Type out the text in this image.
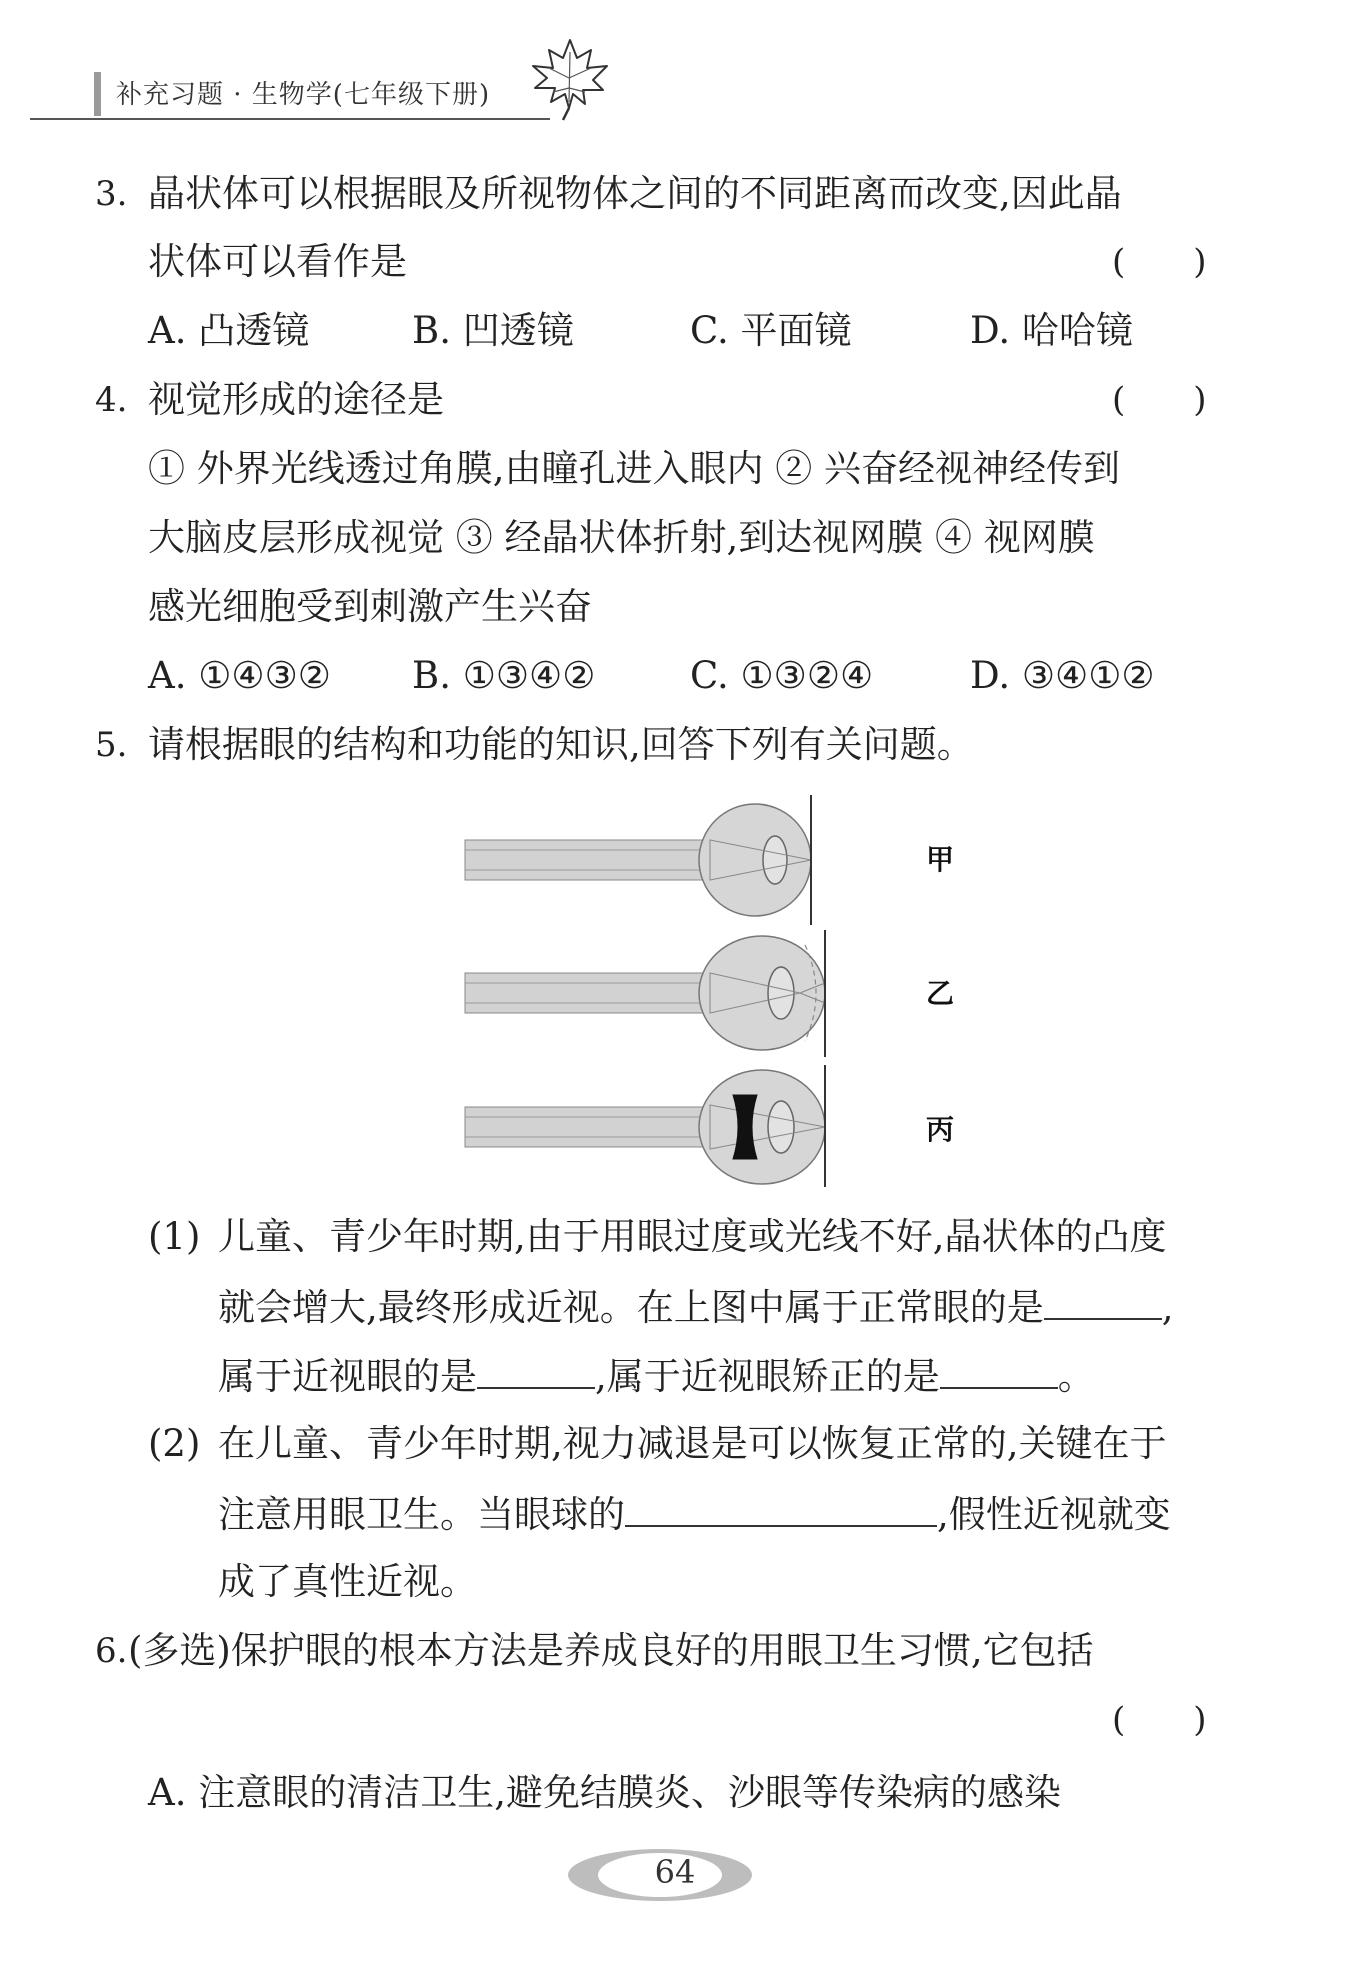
补充习题 · 生物学(七年级下册)
3. 晶状体可以根据眼及所视物体之间的不同距离而改变,因此晶
状体可以看作是	( )
A. 凸透镜	B. 凹透镜	C. 平面镜	D. 哈哈镜
4. 视觉形成的途径是	( )
① 外界光线透过角膜,由瞳孔进入眼内 ② 兴奋经视神经传到
大脑皮层形成视觉 ③ 经晶状体折射,到达视网膜 ④ 视网膜
感光细胞受到刺激产生兴奋
A. ①④③② B. ①③④②	C. ①③②④	D. ③④①②
5. 请根据眼的结构和功能的知识,回答下列有关问题。
甲
乙
丙
(1) 儿童、青少年时期,由于用眼过度或光线不好,晶状体的凸度
就会增大,最终形成近视。在上图中属于正常眼的是	,
属于近视眼的是	,属于近视眼矫正的是	。
(2) 在儿童、青少年时期,视力减退是可以恢复正常的,关键在于
注意用眼卫生。当眼球的	,假性近视就变
成了真性近视。
6. (多选)保护眼的根本方法是养成良好的用眼卫生习惯,它包括
( )
A. 注意眼的清洁卫生,避免结膜炎、沙眼等传染病的感染
64
